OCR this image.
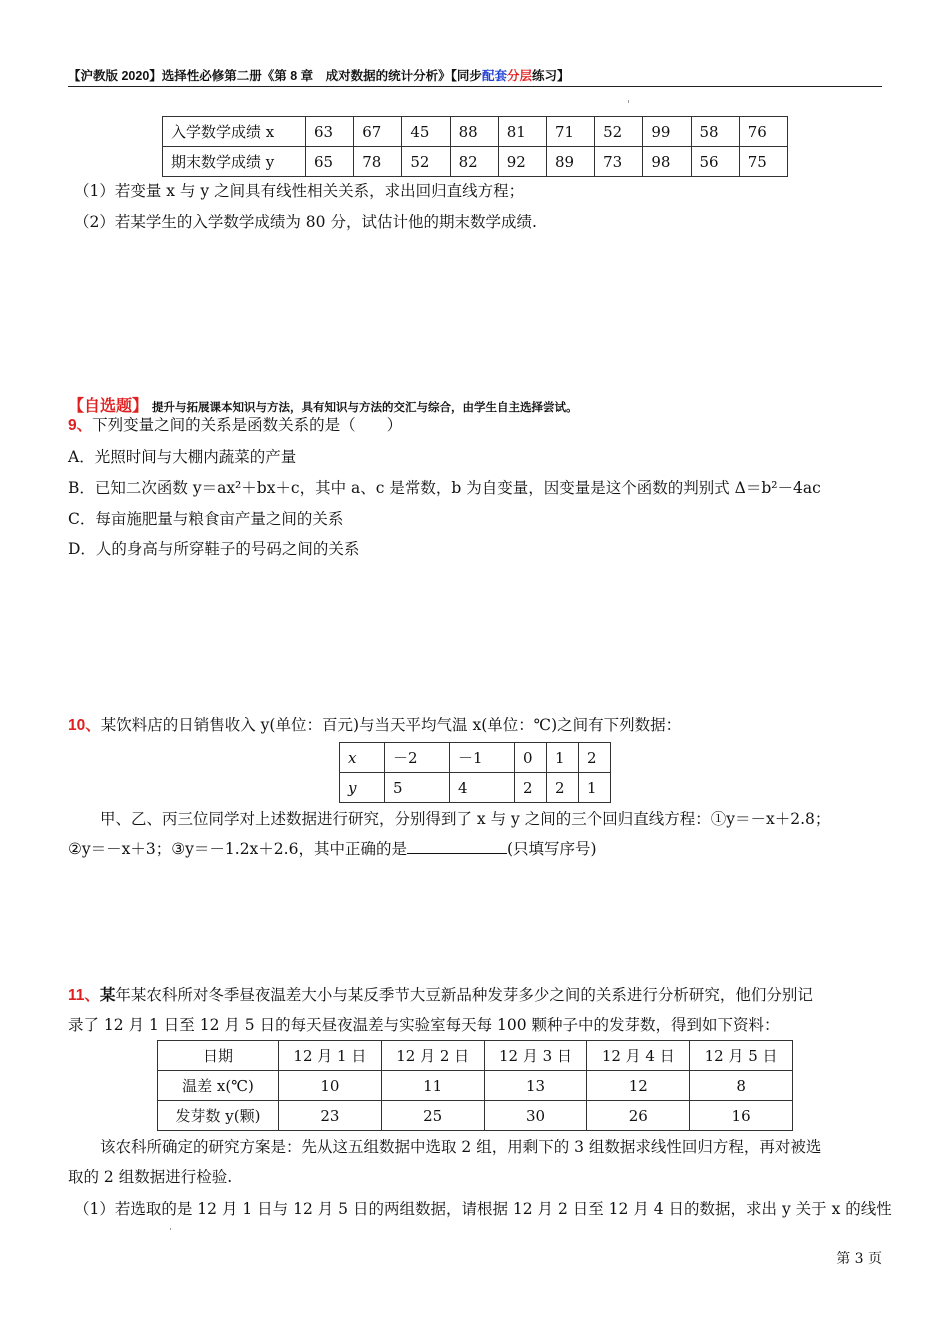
【沪教版 2020】选择性必修第二册《第 8 章　成对数据的统计分析》【同步配套分层练习】
入学数学成绩 x	63	67	45	88	81	71	52	99	58	76
期末数学成绩 y	65	78	52	82	92	89	73	98	56	75
（1）若变量 x 与 y 之间具有线性相关关系，求出回归直线方程；
（2）若某学生的入学数学成绩为 80 分，试估计他的期末数学成绩.
【自选题】 提升与拓展课本知识与方法，具有知识与方法的交汇与综合，由学生自主选择尝试。
9、下列变量之间的关系是函数关系的是（　　）
A．光照时间与大棚内蔬菜的产量
B．已知二次函数 y＝ax²＋bx＋c，其中 a、c 是常数，b 为自变量，因变量是这个函数的判别式 Δ＝b²－4ac
C．每亩施肥量与粮食亩产量之间的关系
D．人的身高与所穿鞋子的号码之间的关系
10、某饮料店的日销售收入 y(单位：百元)与当天平均气温 x(单位：℃)之间有下列数据：
x	－2	－1	0	1	2
y	5	4	2	2	1
甲、乙、丙三位同学对上述数据进行研究，分别得到了 x 与 y 之间的三个回归直线方程：①y＝－x＋2.8；
②y＝－x＋3；③y＝－1.2x＋2.6，其中正确的是	(只填写序号)
11、某年某农科所对冬季昼夜温差大小与某反季节大豆新品种发芽多少之间的关系进行分析研究，他们分别记
录了 12 月 1 日至 12 月 5 日的每天昼夜温差与实验室每天每 100 颗种子中的发芽数，得到如下资料：
日期	12 月 1 日	12 月 2 日	12 月 3 日	12 月 4 日	12 月 5 日
温差 x(℃)	10	11	13	12	8
发芽数 y(颗)	23	25	30	26	16
该农科所确定的研究方案是：先从这五组数据中选取 2 组，用剩下的 3 组数据求线性回归方程，再对被选
取的 2 组数据进行检验.
（1）若选取的是 12 月 1 日与 12 月 5 日的两组数据，请根据 12 月 2 日至 12 月 4 日的数据，求出 y 关于 x 的线性
第 3 页
